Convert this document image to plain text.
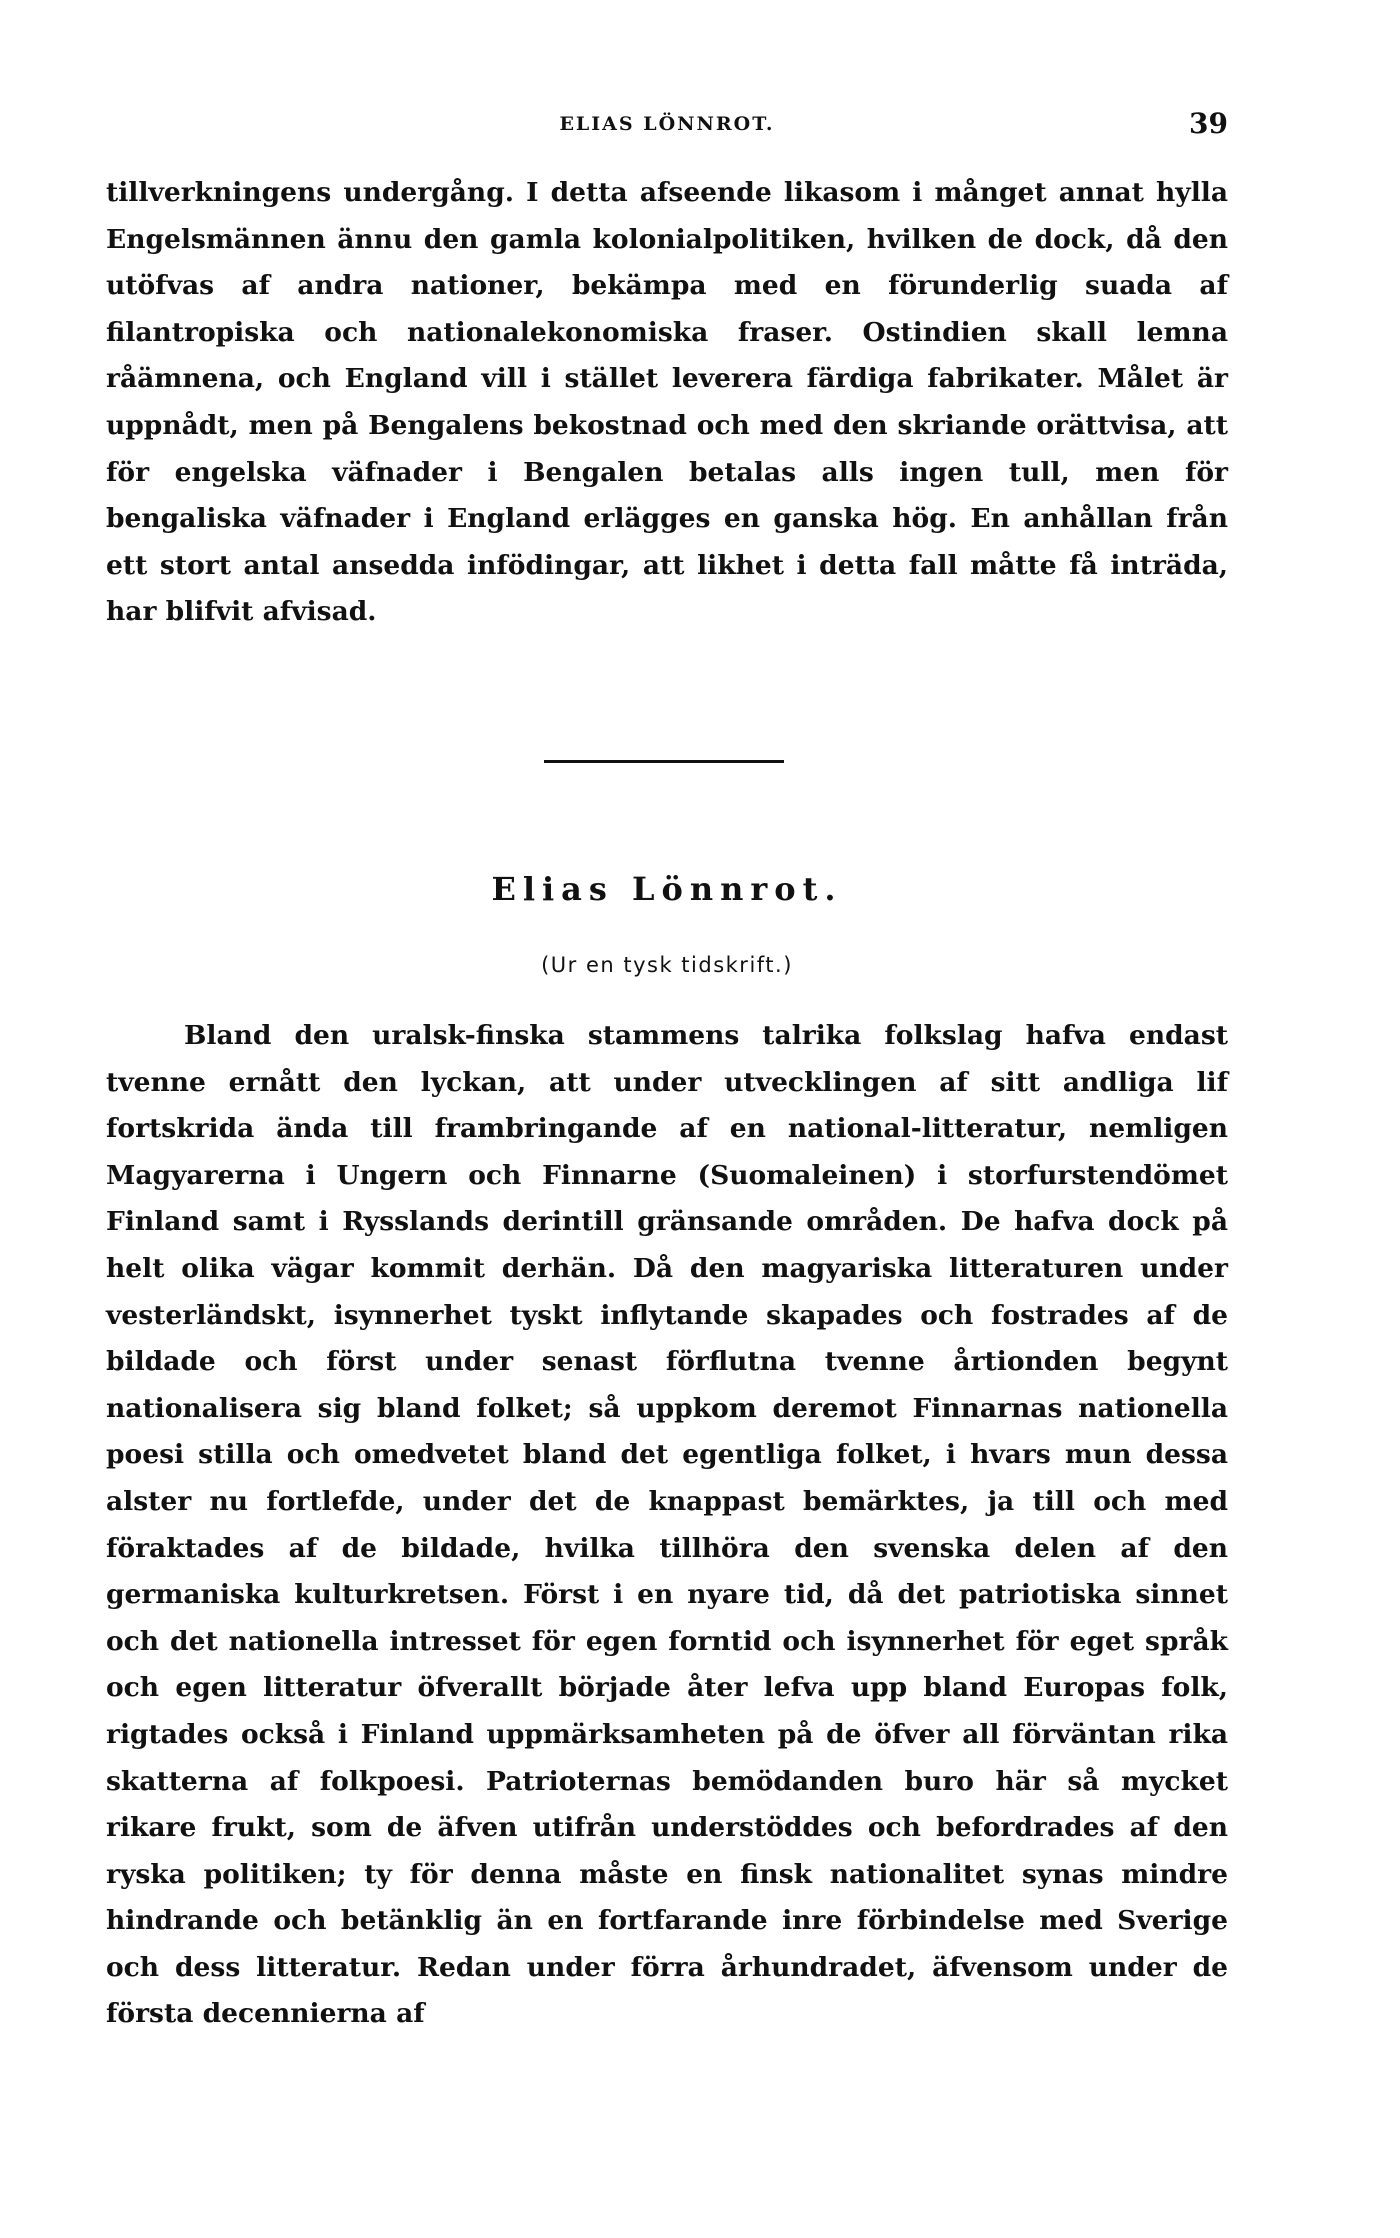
ELIAS LÖNNROT.	39

tillverkningens undergång. I detta afseende likasom i månget annat hylla Engelsmännen ännu den gamla kolonialpolitiken, hvilken de dock, då den utöfvas af andra nationer, bekämpa med en förunderlig suada af filantropiska och nationalekonomiska fraser. Ostindien skall lemna råämnena, och England vill i stället leverera färdiga fabrikater. Målet är uppnådt, men på Bengalens bekostnad och med den skriande orättvisa, att för engelska väfnader i Bengalen betalas alls ingen tull, men för bengaliska väfnader i England erlägges en ganska hög. En anhållan från ett stort antal ansedda infödingar, att likhet i detta fall måtte få inträda, har blifvit afvisad.

Elias Lönnrot.
(Ur en tysk tidskrift.)

Bland den uralsk-finska stammens talrika folkslag hafva endast tvenne ernått den lyckan, att under utvecklingen af sitt andliga lif fortskrida ända till frambringande af en national-litteratur, nemligen Magyarerna i Ungern och Finnarne (Suomaleinen) i storfurstendömet Finland samt i Rysslands derintill gränsande områden. De hafva dock på helt olika vägar kommit derhän. Då den magyariska litteraturen under vesterländskt, isynnerhet tyskt inflytande skapades och fostrades af de bildade och först under senast förflutna tvenne årtionden begynt nationalisera sig bland folket; så uppkom deremot Finnarnas nationella poesi stilla och omedvetet bland det egentliga folket, i hvars mun dessa alster nu fortlefde, under det de knappast bemärktes, ja till och med föraktades af de bildade, hvilka tillhöra den svenska delen af den germaniska kulturkretsen. Först i en nyare tid, då det patriotiska sinnet och det nationella intresset för egen forntid och isynnerhet för eget språk och egen litteratur öfverallt började åter lefva upp bland Europas folk, rigtades också i Finland uppmärksamheten på de öfver all förväntan rika skatterna af folkpoesi. Patrioternas bemödanden buro här så mycket rikare frukt, som de äfven utifrån understöddes och befordrades af den ryska politiken; ty för denna måste en finsk nationalitet synas mindre hindrande och betänklig än en fortfarande inre förbindelse med Sverige och dess litteratur. Redan under förra århundradet, äfvensom under de första decennierna af
